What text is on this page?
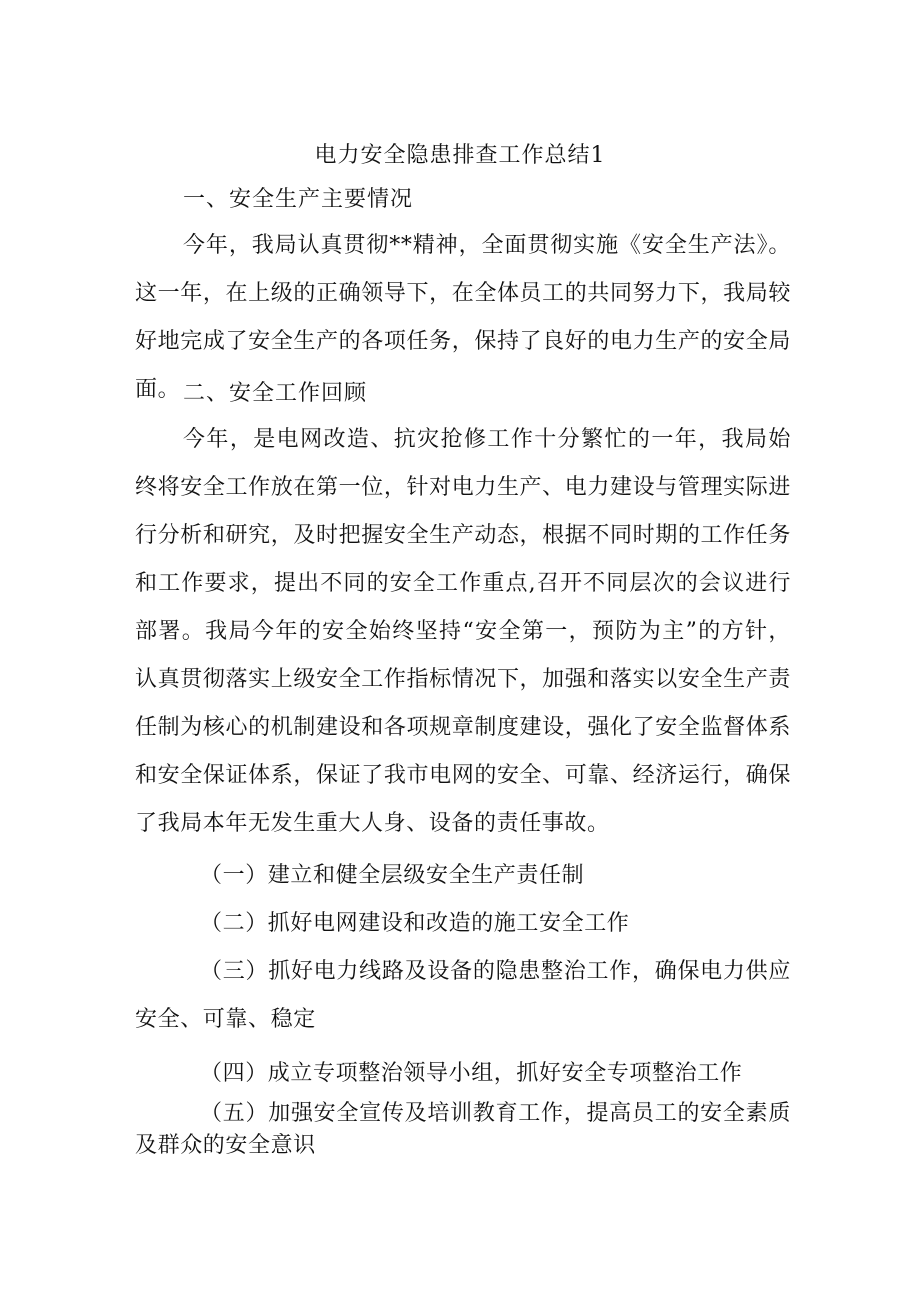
电力安全隐患排查工作总结1
一、安全生产主要情况

今年，我局认真贯彻**精神，全面贯彻实施《安全生产法》。这一年，在上级的正确领导下，在全体员工的共同努力下，我局较好地完成了安全生产的各项任务，保持了良好的电力生产的安全局面。 二、安全工作回顾

今年，是电网改造、抗灾抢修工作十分繁忙的一年，我局始终将安全工作放在第一位，针对电力生产、电力建设与管理实际进行分析和研究，及时把握安全生产动态，根据不同时期的工作任务和工作要求，提出不同的安全工作重点,召开不同层次的会议进行部署。我局今年的安全始终坚持“安全第一，预防为主”的方针，认真贯彻落实上级安全工作指标情况下，加强和落实以安全生产责任制为核心的机制建设和各项规章制度建设，强化了安全监督体系和安全保证体系，保证了我市电网的安全、可靠、经济运行，确保了我局本年无发生重大人身、设备的责任事故。

（一）建立和健全层级安全生产责任制

（二）抓好电网建设和改造的施工安全工作

（三）抓好电力线路及设备的隐患整治工作，确保电力供应安全、可靠、稳定

（四）成立专项整治领导小组，抓好安全专项整治工作

（五）加强安全宣传及培训教育工作，提高员工的安全素质及群众的安全意识
